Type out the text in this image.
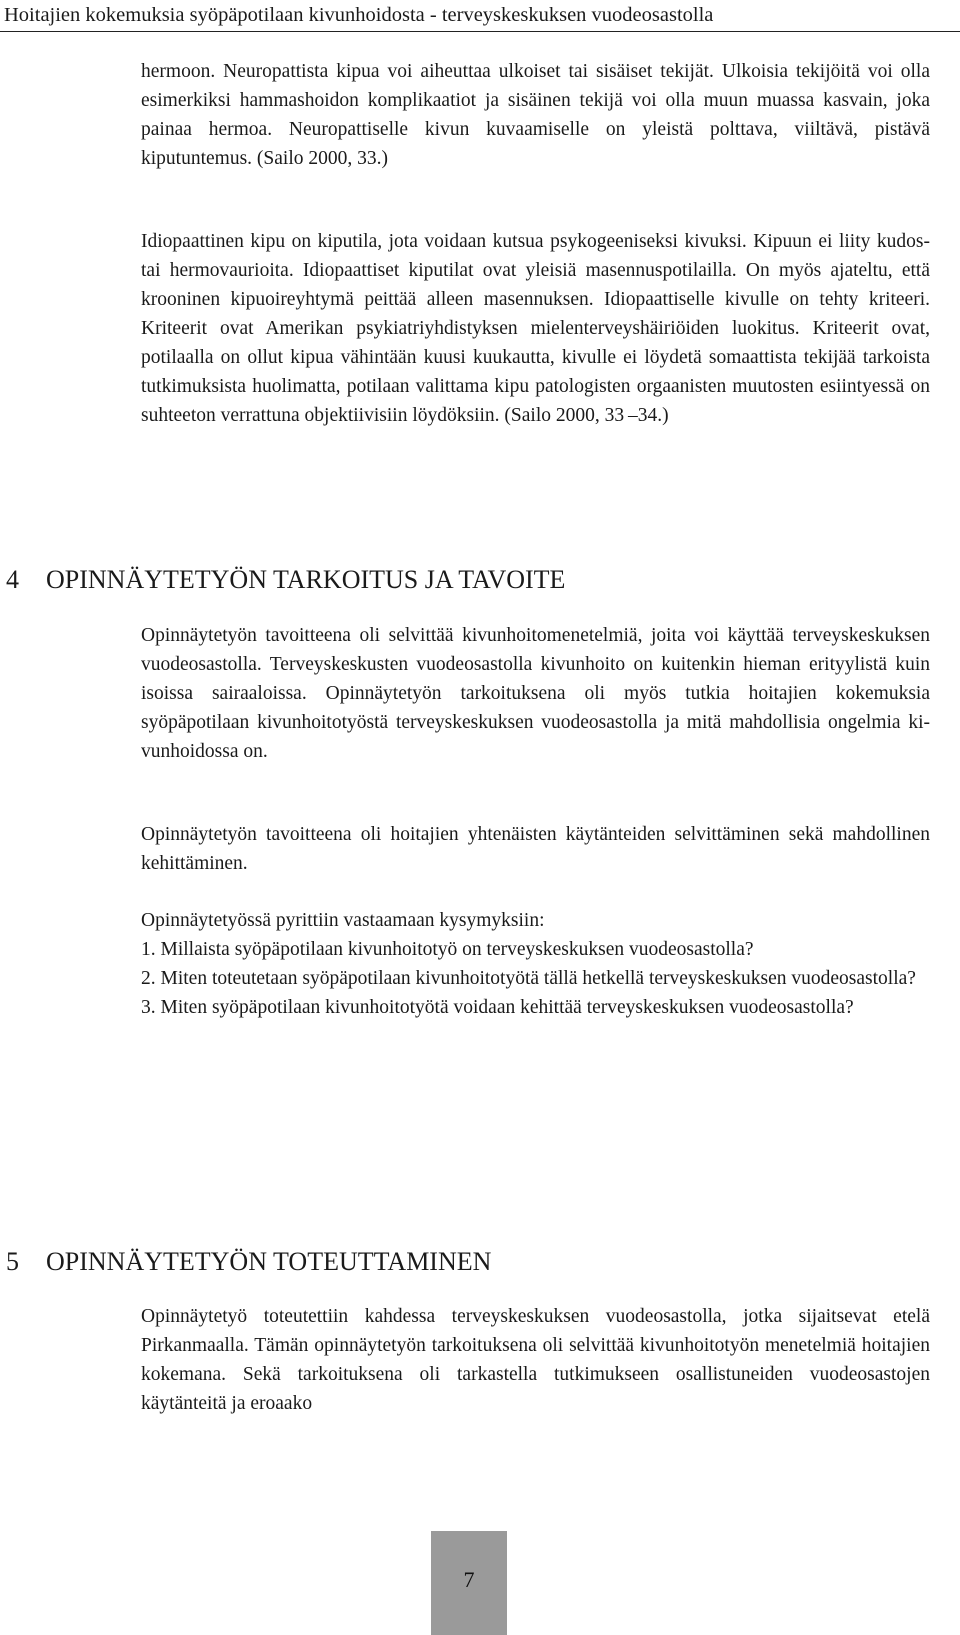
Hoitajien kokemuksia syöpäpotilaan kivunhoidosta - terveyskeskuksen vuodeosastolla

hermoon. Neuropattista kipua voi aiheuttaa ulkoiset tai sisäiset tekijät. Ulkoisia tekijöitä voi olla esimerkiksi hammashoidon komplikaatiot ja sisäinen tekijä voi olla muun muassa kasvain, joka painaa hermoa. Neuropattiselle kivun kuvaamiselle on yleistä polttava, viiltävä, pistävä kiputuntemus. (Sailo 2000, 33.)

Idiopaattinen kipu on kiputila, jota voidaan kutsua psykogeeniseksi kivuksi. Kipuun ei liity kudos- tai hermovaurioita. Idiopaattiset kiputilat ovat yleisiä masennuspotilailla. On myös ajateltu, että krooninen kipuoireyhtymä peittää alleen masennuksen. Idiopaattiselle kivulle on tehty kriteeri. Kriteerit ovat Amerikan psykiatriyhdistyksen mielenterveyshäiriöiden luokitus. Kriteerit ovat, potilaalla on ollut kipua vähintään kuusi kuukautta, kivulle ei löydetä somaattista tekijää tarkoista tutkimuksista huolimatta, potilaan valittama kipu patologisten orgaanisten muutosten esiintyessä on suhteeton verrattuna objektiivisiin löydöksiin. (Sailo 2000, 33 –34.)

4 OPINNÄYTETYÖN TARKOITUS JA TAVOITE

Opinnäytetyön tavoitteena oli selvittää kivunhoitomenetelmiä, joita voi käyttää terveyskeskuksen vuodeosastolla. Terveyskeskusten vuodeosastolla kivunhoito on kuitenkin hieman erityylistä kuin isoissa sairaaloissa. Opinnäytetyön tarkoituksena oli myös tutkia hoitajien kokemuksia syöpäpotilaan kivunhoitotyöstä terveyskeskuksen vuodeosastolla ja mitä mahdollisia ongelmia kivunhoidossa on.

Opinnäytetyön tavoitteena oli hoitajien yhtenäisten käytänteiden selvittäminen sekä mahdollinen kehittäminen.

Opinnäytetyössä pyrittiin vastaamaan kysymyksiin:

1. Millaista syöpäpotilaan kivunhoitotyö on terveyskeskuksen vuodeosastolla?
2. Miten toteutetaan syöpäpotilaan kivunhoitotyötä tällä hetkellä terveyskeskuksen vuodeosastolla?
3. Miten syöpäpotilaan kivunhoitotyötä voidaan kehittää terveyskeskuksen vuodeosastolla?
5 OPINNÄYTETYÖN TOTEUTTAMINEN

Opinnäytetyö toteutettiin kahdessa terveyskeskuksen vuodeosastolla, jotka sijaitsevat etelä Pirkanmaalla. Tämän opinnäytetyön tarkoituksena oli selvittää kivunhoitotyön menetelmiä hoitajien kokemana. Sekä tarkoituksena oli tarkastella tutkimukseen osallistuneiden vuodeosastojen käytänteitä ja eroaako

7
